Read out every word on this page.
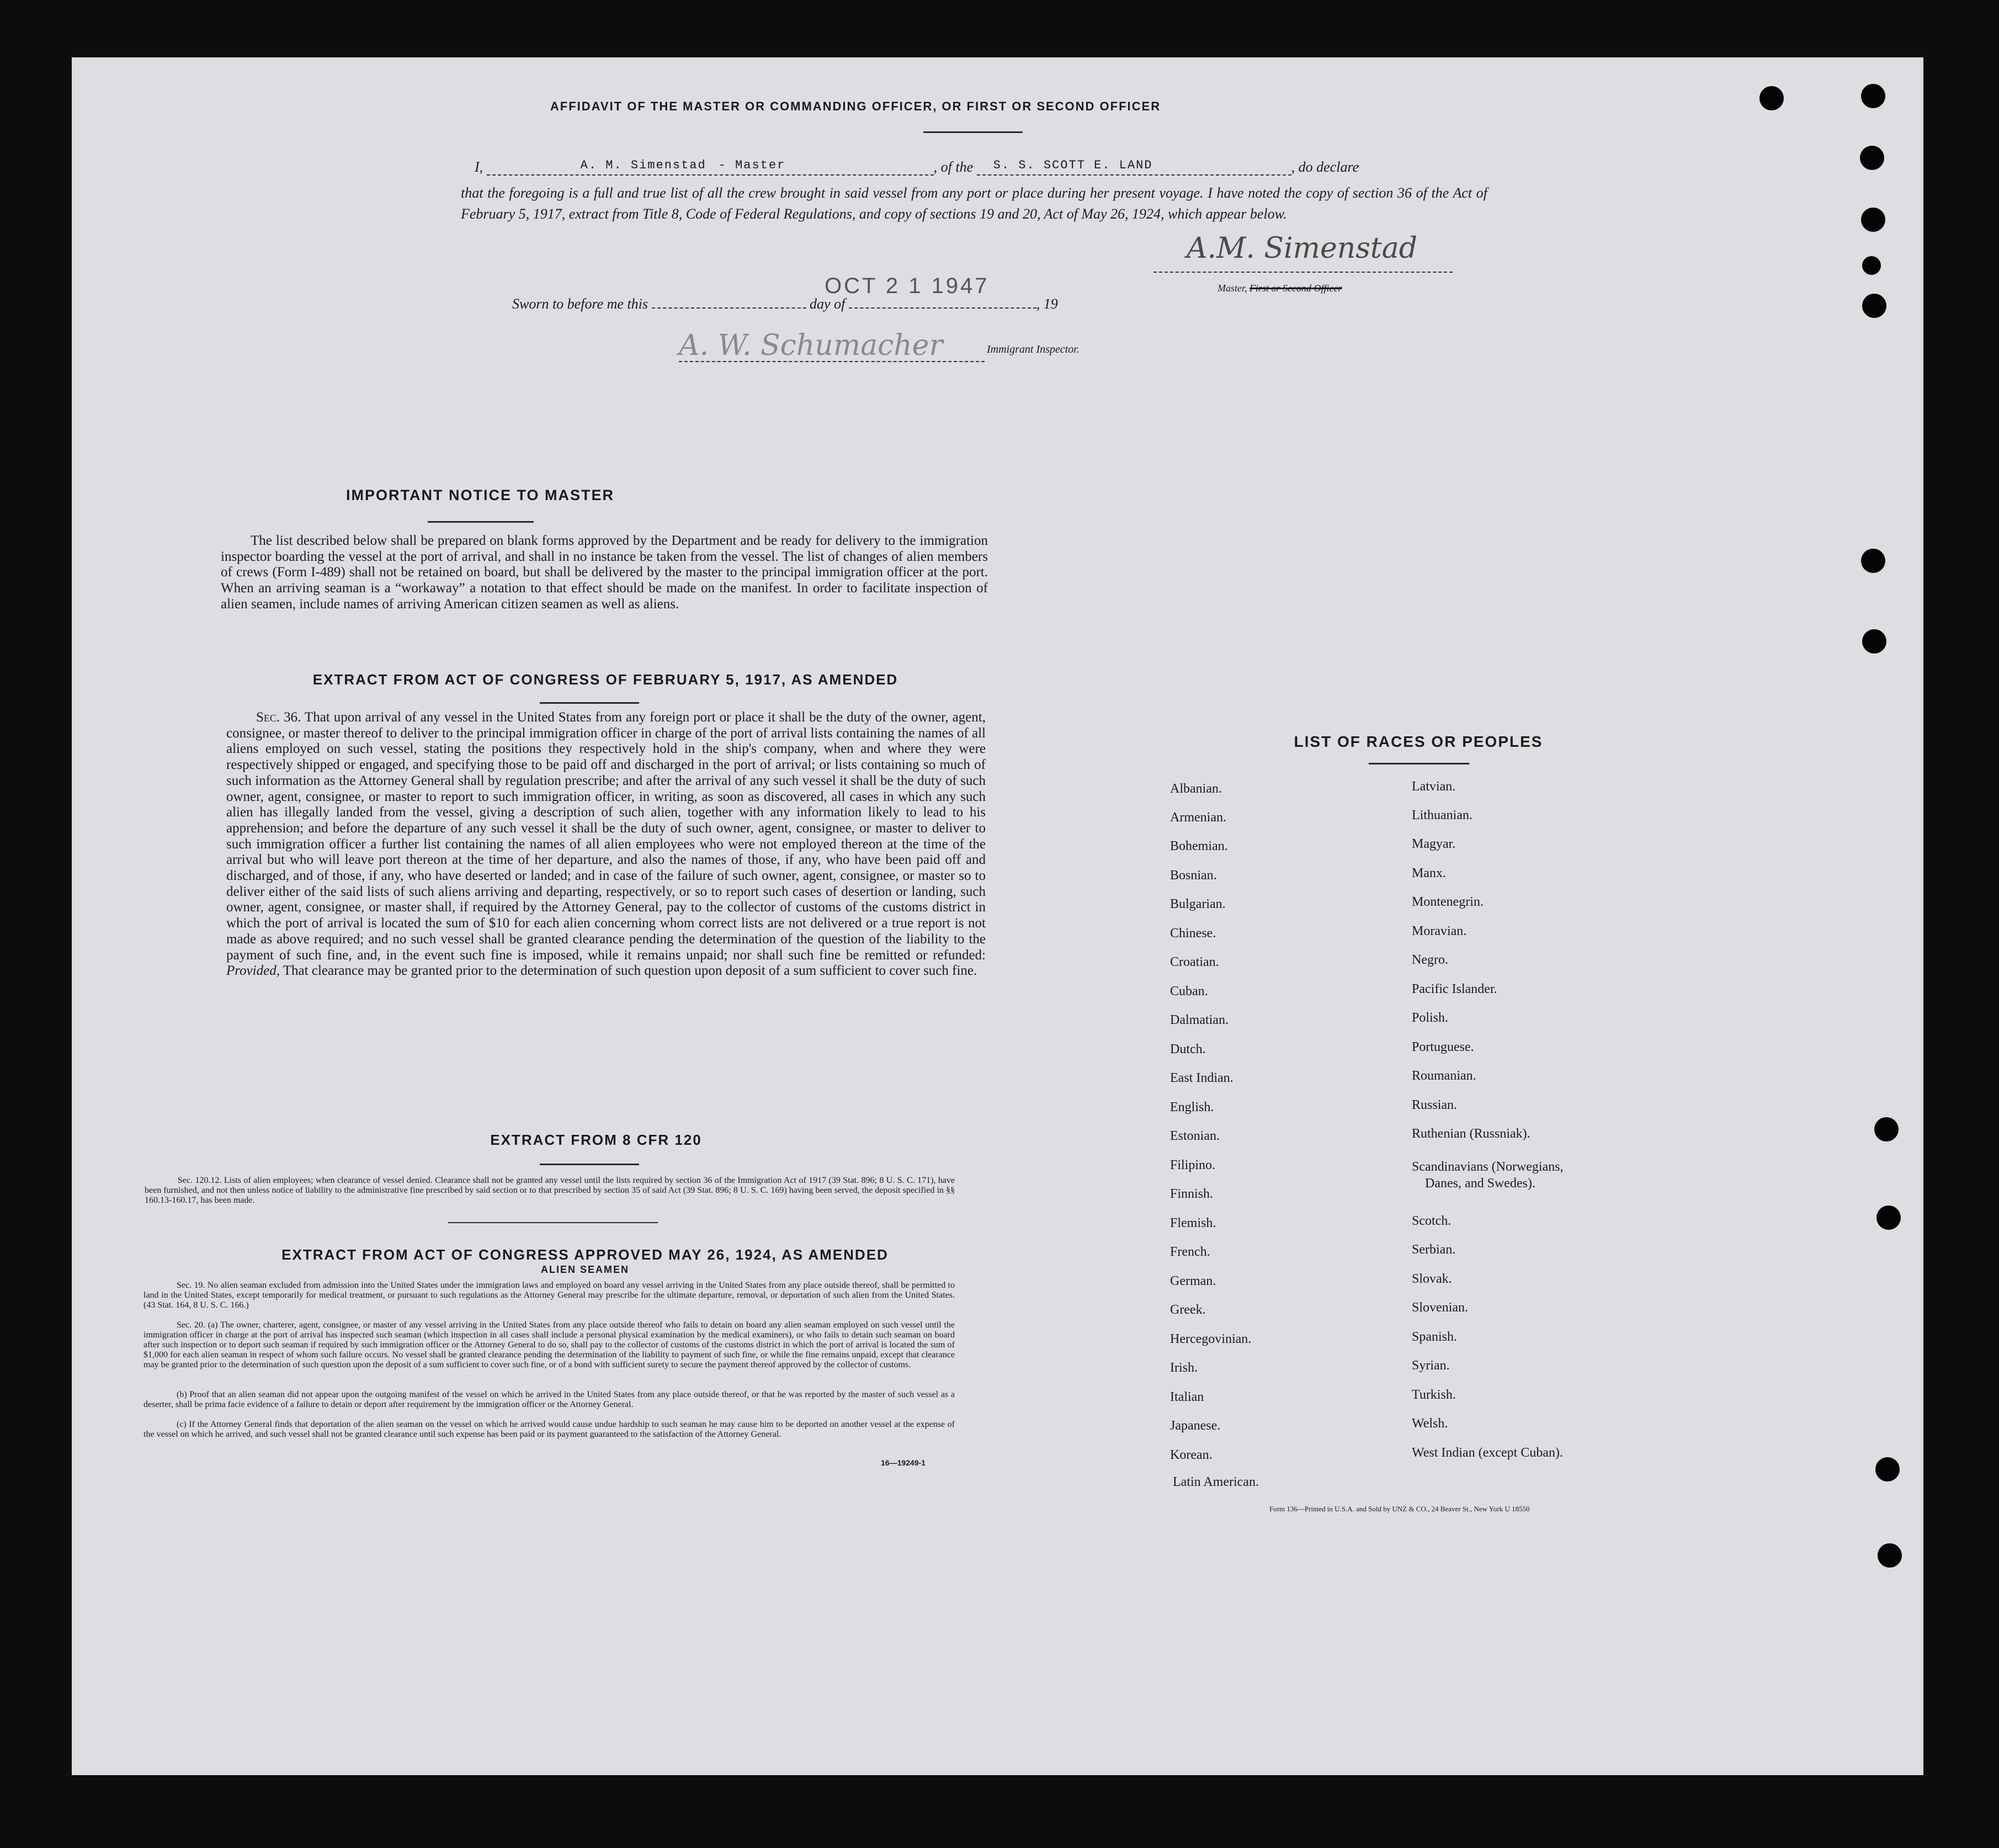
AFFIDAVIT OF THE MASTER OR COMMANDING OFFICER, OR FIRST OR SECOND OFFICER
I,	A. M. Simenstad - Master	, of the S. S. SCOTT E. LAND	, do declare
that the foregoing is a full and true list of all the crew brought in said vessel from any port or place during her present voyage. I have noted the copy of section 36 of the Act of February 5, 1917, extract from Title 8, Code of Federal Regulations, and copy of sections 19 and 20, Act of May 26, 1924, which appear below.
OCT 2 1 1947
Sworn to before me this	day of	, 19
A.M. Simenstad
Master, First or Second Officer
A. W. Schumacher	Immigrant Inspector.
IMPORTANT NOTICE TO MASTER
The list described below shall be prepared on blank forms approved by the Department and be ready for delivery to the immigration inspector boarding the vessel at the port of arrival, and shall in no instance be taken from the vessel. The list of changes of alien members of crews (Form I-489) shall not be retained on board, but shall be delivered by the master to the principal immigration officer at the port. When an arriving seaman is a “workaway” a notation to that effect should be made on the manifest. In order to facilitate inspection of alien seamen, include names of arriving American citizen seamen as well as aliens.
EXTRACT FROM ACT OF CONGRESS OF FEBRUARY 5, 1917, AS AMENDED
Sec. 36. That upon arrival of any vessel in the United States from any foreign port or place it shall be the duty of the owner, agent, consignee, or master thereof to deliver to the principal immigration officer in charge of the port of arrival lists containing the names of all aliens employed on such vessel, stating the positions they respectively hold in the ship's company, when and where they were respectively shipped or engaged, and specifying those to be paid off and discharged in the port of arrival; or lists containing so much of such information as the Attorney General shall by regulation prescribe; and after the arrival of any such vessel it shall be the duty of such owner, agent, consignee, or master to report to such immigration officer, in writing, as soon as discovered, all cases in which any such alien has illegally landed from the vessel, giving a description of such alien, together with any information likely to lead to his apprehension; and before the departure of any such vessel it shall be the duty of such owner, agent, consignee, or master to deliver to such immigration officer a further list containing the names of all alien employees who were not employed thereon at the time of the arrival but who will leave port thereon at the time of her departure, and also the names of those, if any, who have been paid off and discharged, and of those, if any, who have deserted or landed; and in case of the failure of such owner, agent, consignee, or master so to deliver either of the said lists of such aliens arriving and departing, respectively, or so to report such cases of desertion or landing, such owner, agent, consignee, or master shall, if required by the Attorney General, pay to the collector of customs of the customs district in which the port of arrival is located the sum of $10 for each alien concerning whom correct lists are not delivered or a true report is not made as above required; and no such vessel shall be granted clearance pending the determination of the question of the liability to the payment of such fine, and, in the event such fine is imposed, while it remains unpaid; nor shall such fine be remitted or refunded: Provided, That clearance may be granted prior to the determination of such question upon deposit of a sum sufficient to cover such fine.
EXTRACT FROM 8 CFR 120
Sec. 120.12. Lists of alien employees; when clearance of vessel denied. Clearance shall not be granted any vessel until the lists required by section 36 of the Immigration Act of 1917 (39 Stat. 896; 8 U. S. C. 171), have been furnished, and not then unless notice of liability to the administrative fine prescribed by said section or to that prescribed by section 35 of said Act (39 Stat. 896; 8 U. S. C. 169) having been served, the deposit specified in §§ 160.13-160.17, has been made.
EXTRACT FROM ACT OF CONGRESS APPROVED MAY 26, 1924, AS AMENDED
ALIEN SEAMEN
Sec. 19. No alien seaman excluded from admission into the United States under the immigration laws and employed on board any vessel arriving in the United States from any place outside thereof, shall be permitted to land in the United States, except temporarily for medical treatment, or pursuant to such regulations as the Attorney General may prescribe for the ultimate departure, removal, or deportation of such alien from the United States. (43 Stat. 164, 8 U. S. C. 166.)
Sec. 20. (a) The owner, charterer, agent, consignee, or master of any vessel arriving in the United States from any place outside thereof who fails to detain on board any alien seaman employed on such vessel until the immigration officer in charge at the port of arrival has inspected such seaman (which inspection in all cases shall include a personal physical examination by the medical examiners), or who fails to detain such seaman on board after such inspection or to deport such seaman if required by such immigration officer or the Attorney General to do so, shall pay to the collector of customs of the customs district in which the port of arrival is located the sum of $1,000 for each alien seaman in respect of whom such failure occurs. No vessel shall be granted clearance pending the determination of the liability to payment of such fine, or while the fine remains unpaid, except that clearance may be granted prior to the determination of such question upon the deposit of a sum sufficient to cover such fine, or of a bond with sufficient surety to secure the payment thereof approved by the collector of customs.
(b) Proof that an alien seaman did not appear upon the outgoing manifest of the vessel on which he arrived in the United States from any place outside thereof, or that he was reported by the master of such vessel as a deserter, shall be prima facie evidence of a failure to detain or deport after requirement by the immigration officer or the Attorney General.
(c) If the Attorney General finds that deportation of the alien seaman on the vessel on which he arrived would cause undue hardship to such seaman he may cause him to be deported on another vessel at the expense of the vessel on which he arrived, and such vessel shall not be granted clearance until such expense has been paid or its payment guaranteed to the satisfaction of the Attorney General.
16—19249-1
LIST OF RACES OR PEOPLES
Albanian.
Armenian.
Bohemian.
Bosnian.
Bulgarian.
Chinese.
Croatian.
Cuban.
Dalmatian.
Dutch.
East Indian.
English.
Estonian.
Filipino.
Finnish.
Flemish.
French.
German.
Greek.
Hercegovinian.
Irish.
Italian
Japanese.
Korean.
Latin American.
Latvian.
Lithuanian.
Magyar.
Manx.
Montenegrin.
Moravian.
Negro.
Pacific Islander.
Polish.
Portuguese.
Roumanian.
Russian.
Ruthenian (Russniak).
Scandinavians (Norwegians,
Danes, and Swedes).
Scotch.
Serbian.
Slovak.
Slovenian.
Spanish.
Syrian.
Turkish.
Welsh.
West Indian (except Cuban).
Form 136—Printed in U.S.A. and Sold by UNZ & CO., 24 Beaver St., New York U 18550
